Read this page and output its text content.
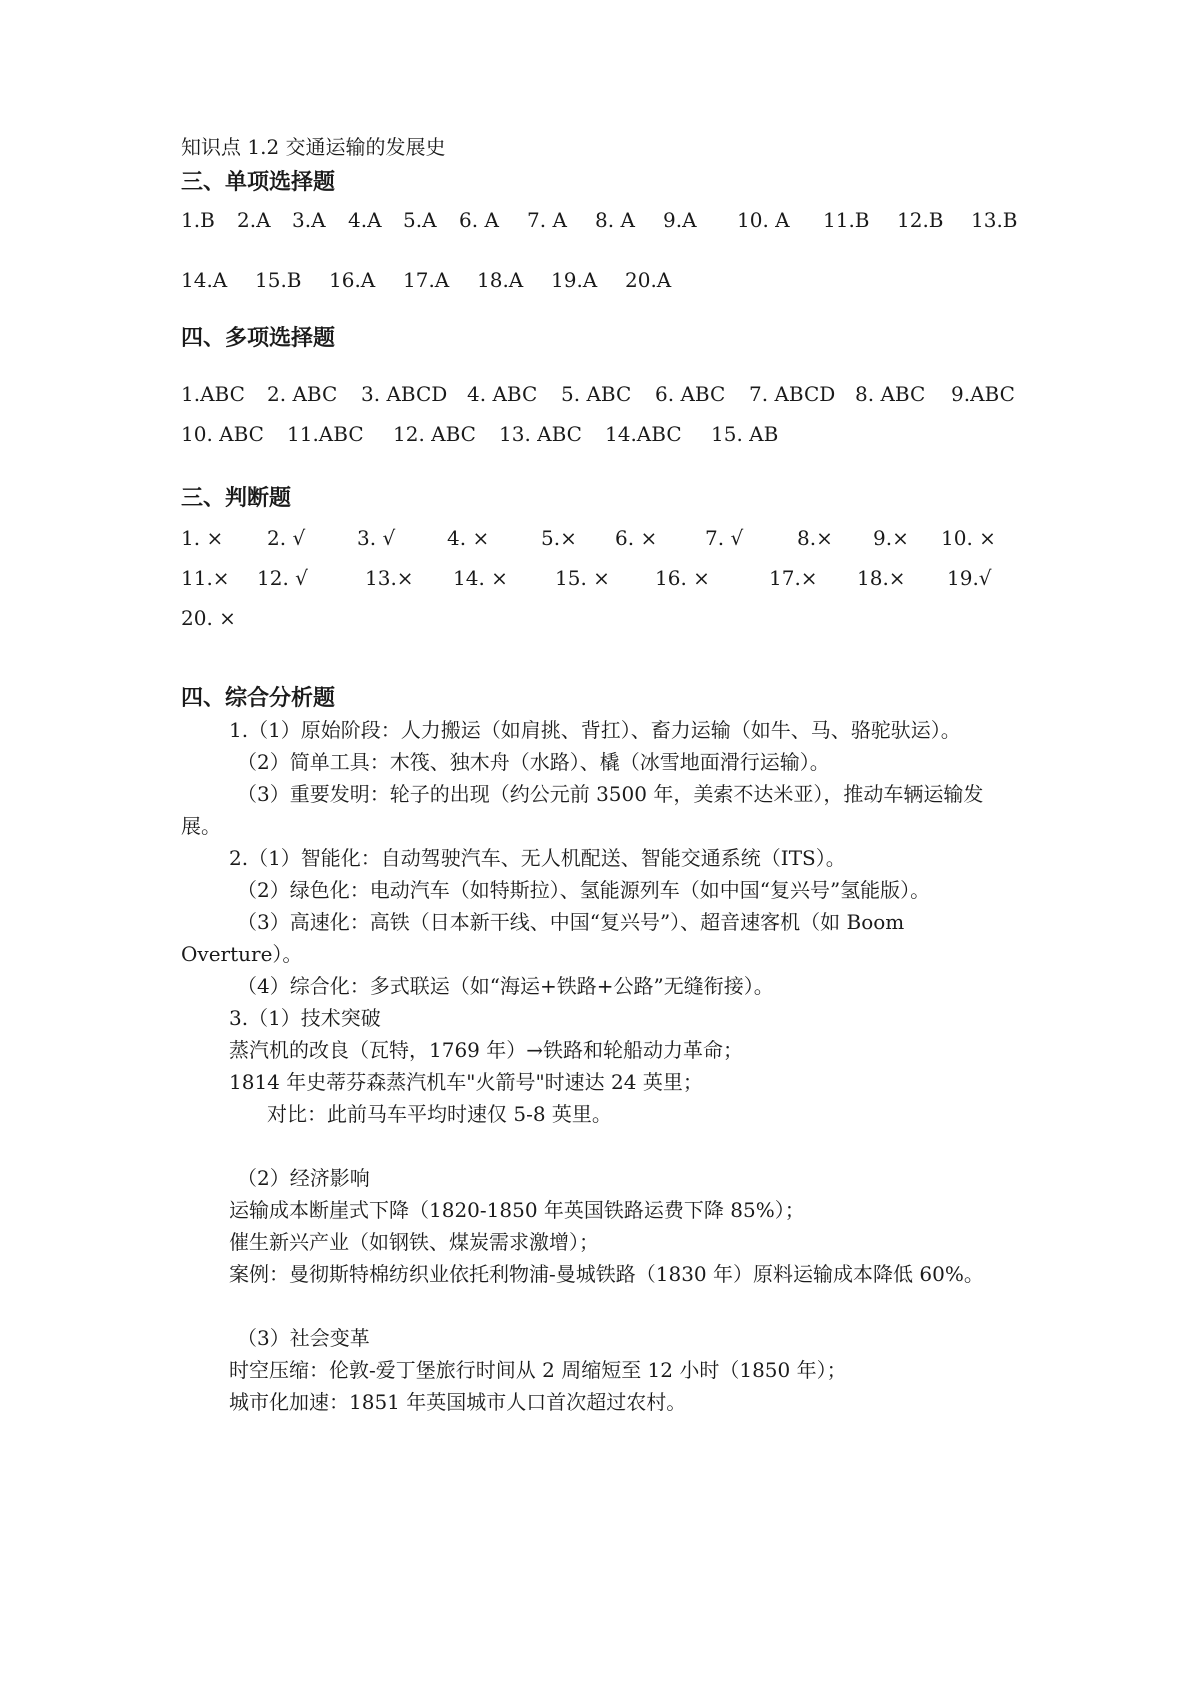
知识点 1.2 交通运输的发展史
三、单项选择题
1.B 2.A 3.A 4.A 5.A 6. A 7. A 8. A 9.A 10. A 11.B 12.B 13.B
14.A 15.B 16.A 17.A 18.A 19.A 20.A
四、多项选择题
1.ABC 2. ABC 3. ABCD 4. ABC 5. ABC 6. ABC 7. ABCD 8. ABC 9.ABC
10. ABC 11.ABC 12. ABC 13. ABC 14.ABC 15. AB
三、判断题
1. × 2. √	3. √	4. ×	5.× 6. × 7. √	8.× 9.× 10. ×
11.× 12. √	13.× 14. × 15. × 16. ×	17.× 18.× 19.√
20. ×
四、综合分析题

1.（1）原始阶段：人力搬运（如肩挑、背扛）、畜力运输（如牛、马、骆驼驮运）。

（2）简单工具：木筏、独木舟（水路）、橇（冰雪地面滑行运输）。

（3）重要发明：轮子的出现（约公元前 3500 年，美索不达米亚），推动车辆运输发展。

2.（1）智能化：自动驾驶汽车、无人机配送、智能交通系统（ITS）。

（2）绿色化：电动汽车（如特斯拉）、氢能源列车（如中国“复兴号”氢能版）。

（3）高速化：高铁（日本新干线、中国“复兴号”）、超音速客机（如 Boom Overture）。

（4）综合化：多式联运（如“海运+铁路+公路”无缝衔接）。

3.（1）技术突破

蒸汽机的改良（瓦特，1769 年）→铁路和轮船动力革命；

1814 年史蒂芬森蒸汽机车"火箭号"时速达 24 英里；

对比：此前马车平均时速仅 5-8 英里。

（2）经济影响

运输成本断崖式下降（1820-1850 年英国铁路运费下降 85%）；

催生新兴产业（如钢铁、煤炭需求激增）；

案例：曼彻斯特棉纺织业依托利物浦-曼城铁路（1830 年）原料运输成本降低 60%。

（3）社会变革

时空压缩：伦敦-爱丁堡旅行时间从 2 周缩短至 12 小时（1850 年）；

城市化加速：1851 年英国城市人口首次超过农村。
